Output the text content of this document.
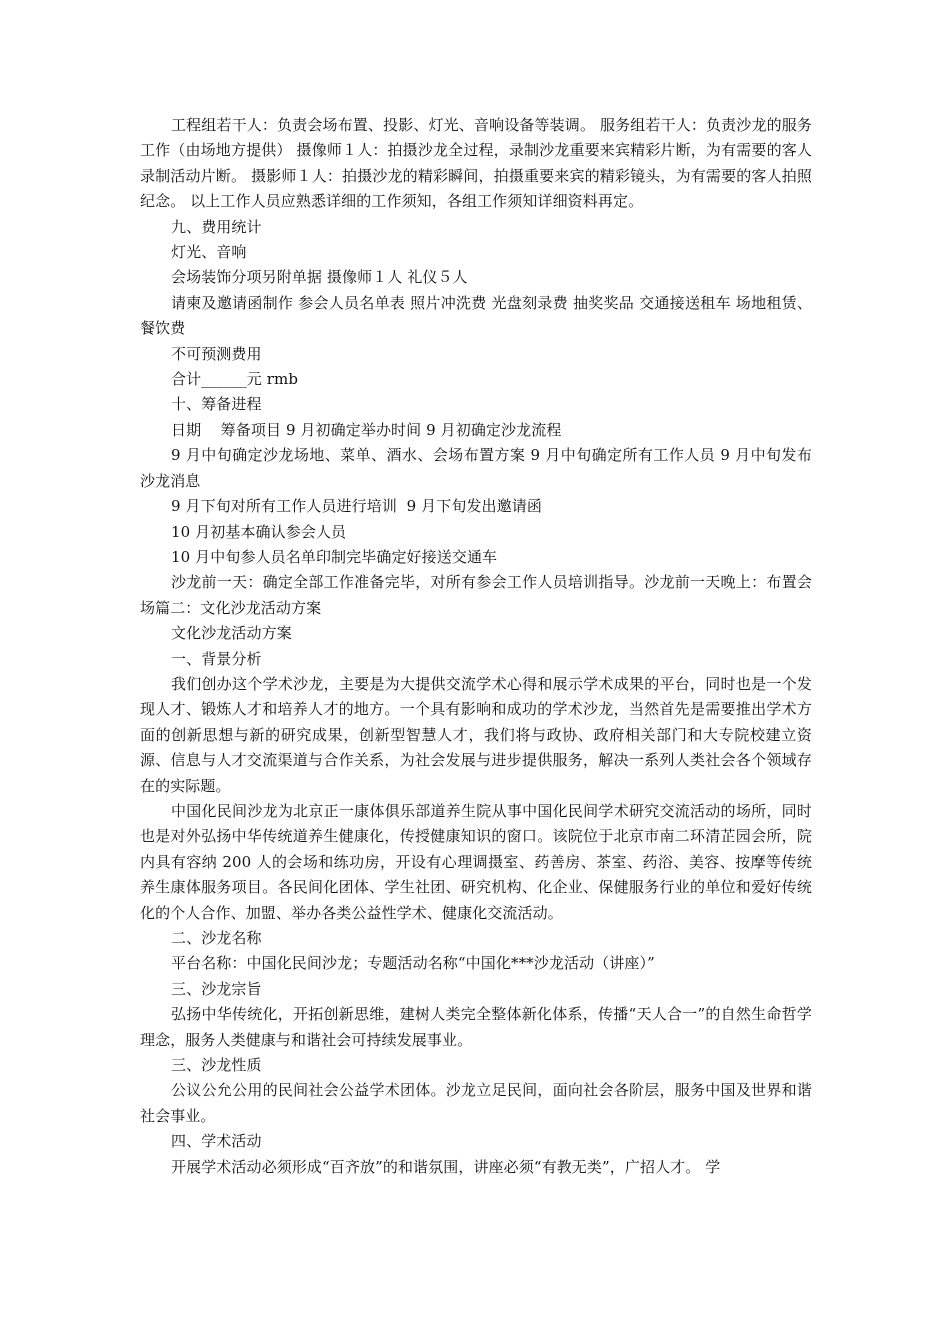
工程组若干人：负责会场布置、投影、灯光、音响设备等装调。 服务组若干人：负责沙龙的服务工作（由场地方提供） 摄像师１人：拍摄沙龙全过程，录制沙龙重要来宾精彩片断，为有需要的客人录制活动片断。 摄影师１人：拍摄沙龙的精彩瞬间，拍摄重要来宾的精彩镜头，为有需要的客人拍照纪念。 以上工作人员应熟悉详细的工作须知，各组工作须知详细资料再定。

九、费用统计

灯光、音响

会场装饰分项另附单据 摄像师１人 礼仪５人

请柬及邀请函制作 参会人员名单表 照片冲洗费 光盘刻录费 抽奖奖品 交通接送租车 场地租赁、餐饮费

不可预测费用

合计______元 rmb

十、筹备进程

日期    筹备项目 9 月初确定举办时间 9 月初确定沙龙流程

9 月中旬确定沙龙场地、菜单、酒水、会场布置方案 9 月中旬确定所有工作人员 9 月中旬发布沙龙消息

9 月下旬对所有工作人员进行培训  9 月下旬发出邀请函

10 月初基本确认参会人员

10 月中旬参人员名单印制完毕确定好接送交通车

沙龙前一天：确定全部工作准备完毕，对所有参会工作人员培训指导。沙龙前一天晚上：布置会场篇二：文化沙龙活动方案

文化沙龙活动方案

一、背景分析

我们创办这个学术沙龙，主要是为大提供交流学术心得和展示学术成果的平台，同时也是一个发现人才、锻炼人才和培养人才的地方。一个具有影响和成功的学术沙龙，当然首先是需要推出学术方面的创新思想与新的研究成果，创新型智慧人才，我们将与政协、政府相关部门和大专院校建立资源、信息与人才交流渠道与合作关系，为社会发展与进步提供服务，解决一系列人类社会各个领域存在的实际题。

中国化民间沙龙为北京正一康体俱乐部道养生院从事中国化民间学术研究交流活动的场所，同时也是对外弘扬中华传统道养生健康化，传授健康知识的窗口。该院位于北京市南二环清芷园会所，院内具有容纳 200 人的会场和练功房，开设有心理调摄室、药善房、茶室、药浴、美容、按摩等传统养生康体服务项目。各民间化团体、学生社团、研究机构、化企业、保健服务行业的单位和爱好传统化的个人合作、加盟、举办各类公益性学术、健康化交流活动。

二、沙龙名称

平台名称：中国化民间沙龙；专题活动名称“中国化***沙龙活动（讲座）”

三、沙龙宗旨

弘扬中华传统化，开拓创新思维，建树人类完全整体新化体系，传播“天人合一”的自然生命哲学理念，服务人类健康与和谐社会可持续发展事业。

三、沙龙性质

公议公允公用的民间社会公益学术团体。沙龙立足民间，面向社会各阶层，服务中国及世界和谐社会事业。

四、学术活动

开展学术活动必须形成“百齐放”的和谐氛围，讲座必须“有教无类”，广招人才。 学
